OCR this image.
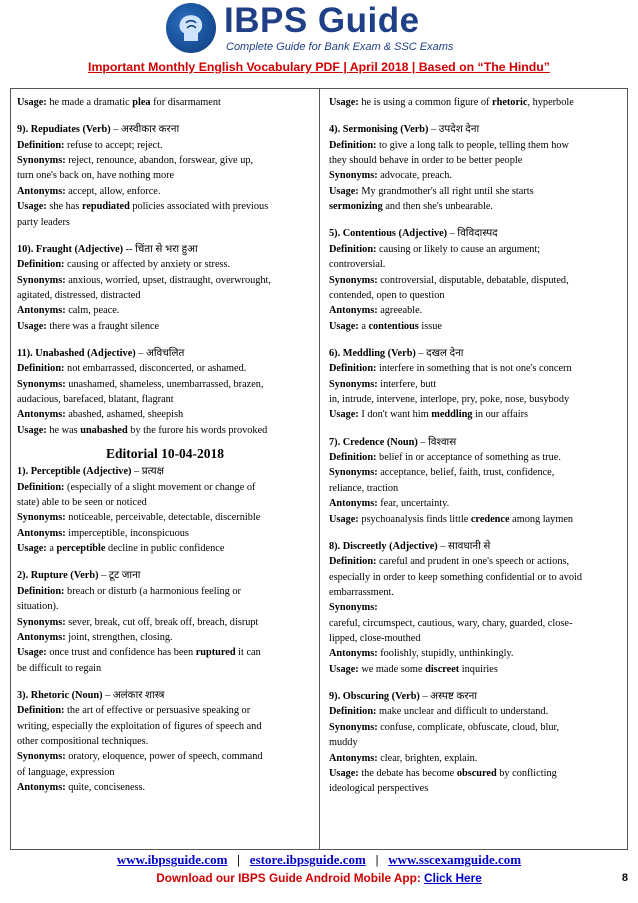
IBPS Guide
Complete Guide for Bank Exam & SSC Exams
Important Monthly English Vocabulary PDF | April 2018 | Based on “The Hindu”
Usage: he made a dramatic plea for disarmament
9). Repudiates (Verb) – अस्वीकार करना
Definition: refuse to accept; reject.
Synonyms: reject, renounce, abandon, forswear, give up,
turn one's back on, have nothing more
Antonyms: accept, allow, enforce.
Usage: she has repudiated policies associated with previous
party leaders
10). Fraught (Adjective) -- चिंता से भरा हुआ
Definition: causing or affected by anxiety or stress.
Synonyms: anxious, worried, upset, distraught, overwrought,
agitated, distressed, distracted
Antonyms: calm, peace.
Usage: there was a fraught silence
11). Unabashed (Adjective) – अविचलित
Definition: not embarrassed, disconcerted, or ashamed.
Synonyms: unashamed, shameless, unembarrassed, brazen,
audacious, barefaced, blatant, flagrant
Antonyms: abashed, ashamed, sheepish
Usage: he was unabashed by the furore his words provoked
Editorial 10-04-2018
1). Perceptible (Adjective) – प्रत्यक्ष
Definition: (especially of a slight movement or change of
state) able to be seen or noticed
Synonyms: noticeable, perceivable, detectable, discernible
Antonyms: imperceptible, inconspicuous
Usage: a perceptible decline in public confidence
2). Rupture (Verb) – टूट जाना
Definition: breach or disturb (a harmonious feeling or
situation).
Synonyms: sever, break, cut off, break off, breach, disrupt
Antonyms: joint, strengthen, closing.
Usage: once trust and confidence has been ruptured it can
be difficult to regain
3). Rhetoric (Noun) – अलंकार शास्त्र
Definition: the art of effective or persuasive speaking or
writing, especially the exploitation of figures of speech and
other compositional techniques.
Synonyms: oratory, eloquence, power of speech, command
of language, expression
Antonyms: quite, conciseness.
Usage: he is using a common figure of rhetoric, hyperbole
4). Sermonising (Verb) – उपदेश देना
Definition: to give a long talk to people, telling them how
they should behave in order to be better people
Synonyms: advocate, preach.
Usage: My grandmother's all right until she starts
sermonizing and then she's unbearable.
5). Contentious (Adjective) – विविदास्पद
Definition: causing or likely to cause an argument;
controversial.
Synonyms: controversial, disputable, debatable, disputed,
contended, open to question
Antonyms: agreeable.
Usage: a contentious issue
6). Meddling (Verb) – दखल देना
Definition: interfere in something that is not one's concern
Synonyms: interfere, butt
in, intrude, intervene, interlope, pry, poke, nose, busybody
Usage: I don't want him meddling in our affairs
7). Credence (Noun) – विश्वास
Definition: belief in or acceptance of something as true.
Synonyms: acceptance, belief, faith, trust, confidence,
reliance, traction
Antonyms: fear, uncertainty.
Usage: psychoanalysis finds little credence among laymen
8). Discreetly (Adjective) – सावधानी से
Definition: careful and prudent in one's speech or actions,
especially in order to keep something confidential or to avoid
embarrassment.
Synonyms:
careful, circumspect, cautious, wary, chary, guarded, close-
lipped, close-mouthed
Antonyms: foolishly, stupidly, unthinkingly.
Usage: we made some discreet inquiries
9). Obscuring (Verb) – अस्पष्ट करना
Definition: make unclear and difficult to understand.
Synonyms: confuse, complicate, obfuscate, cloud, blur,
muddy
Antonyms: clear, brighten, explain.
Usage: the debate has become obscured by conflicting
ideological perspectives
www.ibpsguide.com | estore.ibpsguide.com | www.sscexamguide.com
Download our IBPS Guide Android Mobile App: Click Here	8
